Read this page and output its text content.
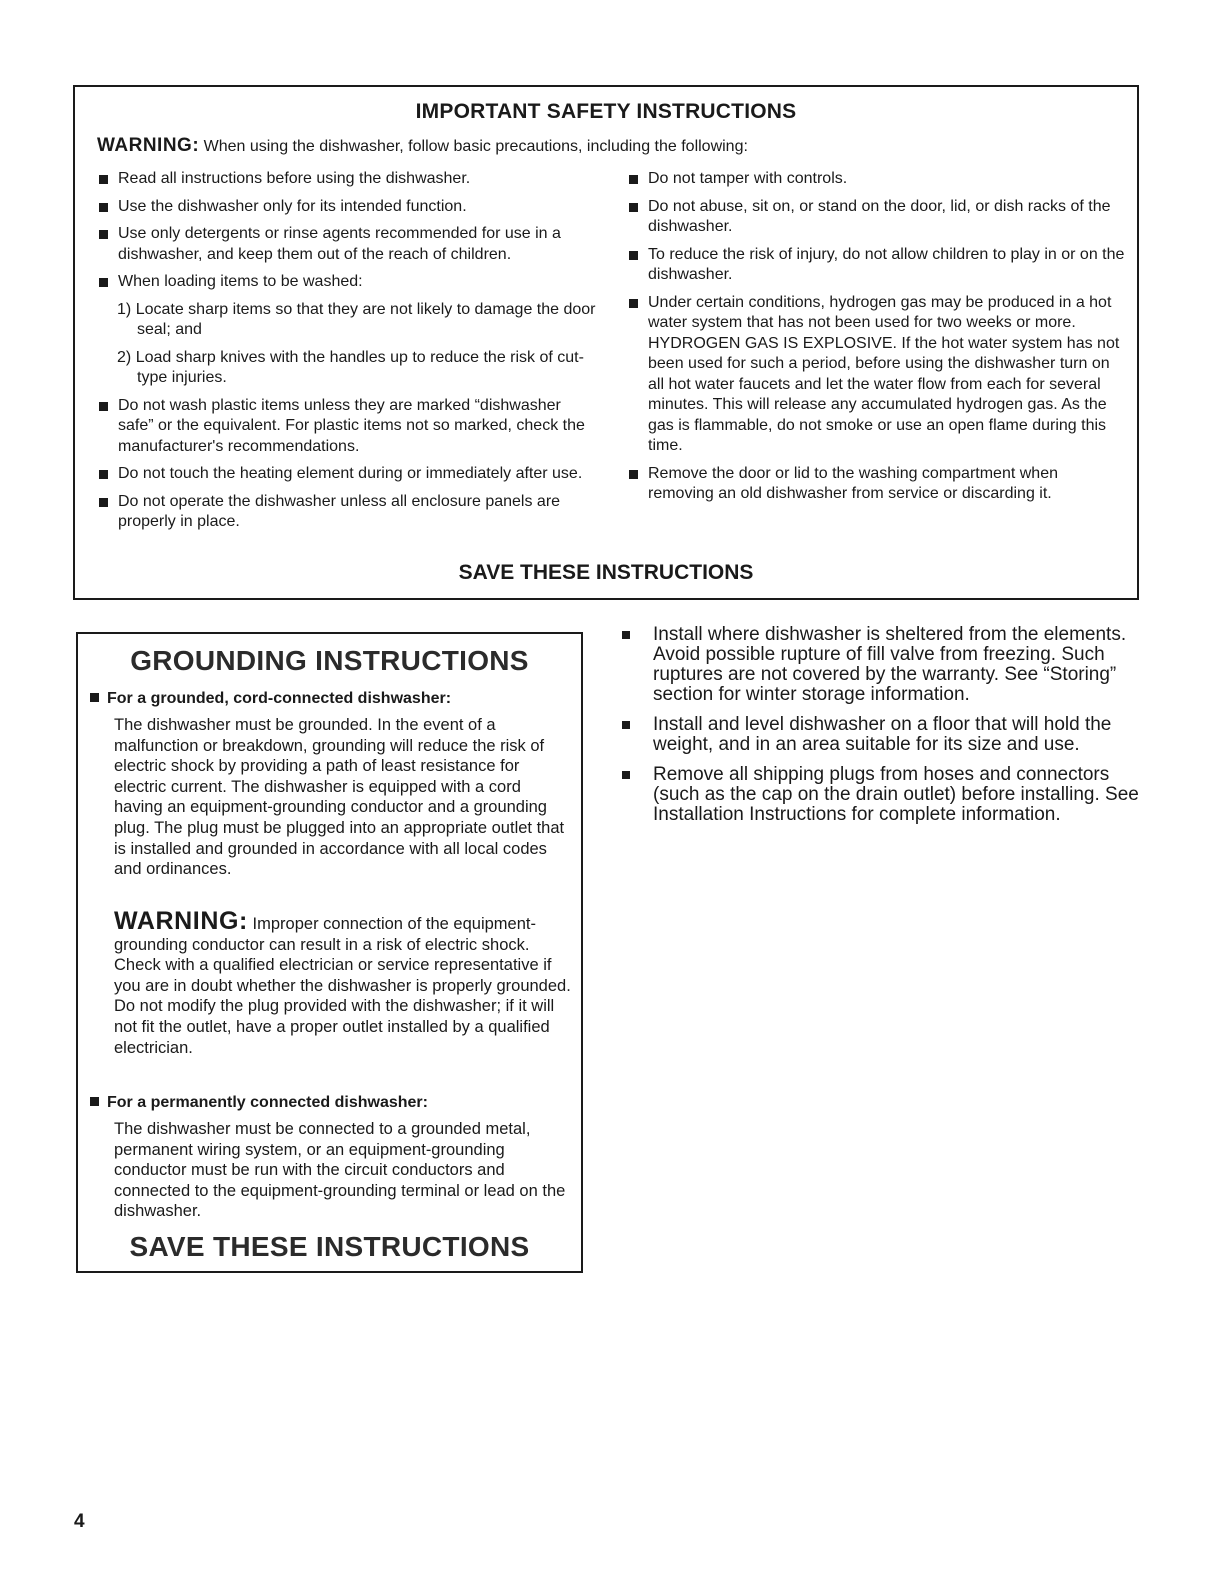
IMPORTANT SAFETY INSTRUCTIONS
WARNING: When using the dishwasher, follow basic precautions, including the following:
Read all instructions before using the dishwasher.
Use the dishwasher only for its intended function.
Use only detergents or rinse agents recommended for use in a dishwasher, and keep them out of the reach of children.
When loading items to be washed:
1) Locate sharp items so that they are not likely to damage the door seal; and
2) Load sharp knives with the handles up to reduce the risk of cut-type injuries.
Do not wash plastic items unless they are marked “dishwasher safe” or the equivalent. For plastic items not so marked, check the manufacturer's recommendations.
Do not touch the heating element during or immediately after use.
Do not operate the dishwasher unless all enclosure panels are properly in place.
Do not tamper with controls.
Do not abuse, sit on, or stand on the door, lid, or dish racks of the dishwasher.
To reduce the risk of injury, do not allow children to play in or on the dishwasher.
Under certain conditions, hydrogen gas may be produced in a hot water system that has not been used for two weeks or more. HYDROGEN GAS IS EXPLOSIVE. If the hot water system has not been used for such a period, before using the dishwasher turn on all hot water faucets and let the water flow from each for several minutes. This will release any accumulated hydrogen gas. As the gas is flammable, do not smoke or use an open flame during this time.
Remove the door or lid to the washing compartment when removing an old dishwasher from service or discarding it.
SAVE THESE INSTRUCTIONS
GROUNDING INSTRUCTIONS
For a grounded, cord-connected dishwasher:
The dishwasher must be grounded. In the event of a malfunction or breakdown, grounding will reduce the risk of electric shock by providing a path of least resistance for electric current. The dishwasher is equipped with a cord having an equipment-grounding conductor and a grounding plug. The plug must be plugged into an appropriate outlet that is installed and grounded in accordance with all local codes and ordinances.
WARNING: Improper connection of the equipment-grounding conductor can result in a risk of electric shock. Check with a qualified electrician or service representative if you are in doubt whether the dishwasher is properly grounded. Do not modify the plug provided with the dishwasher; if it will not fit the outlet, have a proper outlet installed by a qualified electrician.
For a permanently connected dishwasher:
The dishwasher must be connected to a grounded metal, permanent wiring system, or an equipment-grounding conductor must be run with the circuit conductors and connected to the equipment-grounding terminal or lead on the dishwasher.
SAVE THESE INSTRUCTIONS
Install where dishwasher is sheltered from the elements. Avoid possible rupture of fill valve from freezing. Such ruptures are not covered by the warranty. See “Storing” section for winter storage information.
Install and level dishwasher on a floor that will hold the weight, and in an area suitable for its size and use.
Remove all shipping plugs from hoses and connectors (such as the cap on the drain outlet) before installing. See Installation Instructions for complete information.
4
